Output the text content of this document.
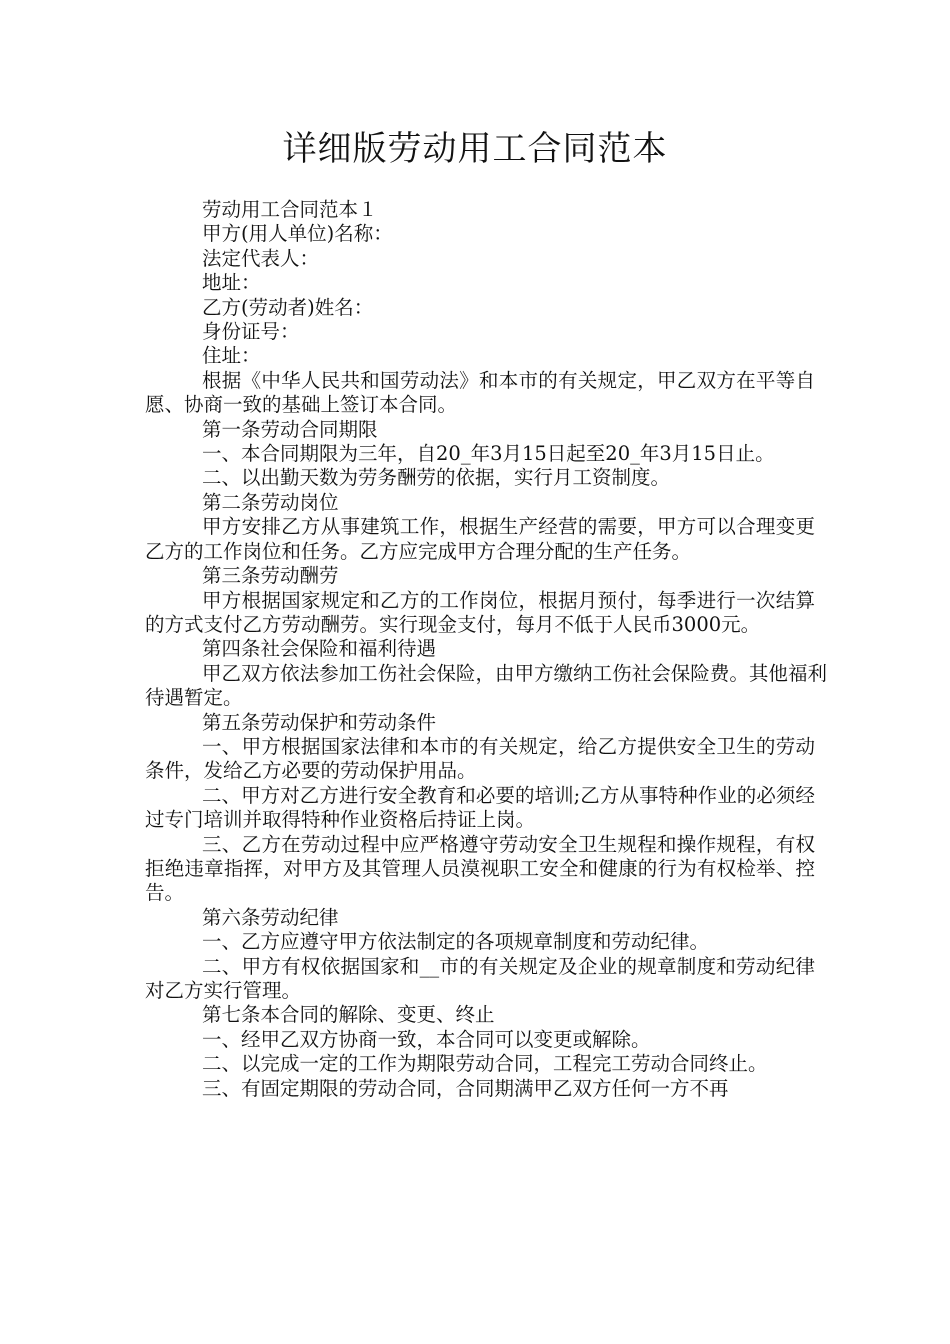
详细版劳动用工合同范本

劳动用工合同范本１

甲方(用人单位)名称：

法定代表人：

地址：

乙方(劳动者)姓名：

身份证号：

住址：

根据《中华人民共和国劳动法》和本市的有关规定，甲乙双方在平等自愿、协商一致的基础上签订本合同。

第一条劳动合同期限

一、本合同期限为三年，自20_年3月15日起至20_年3月15日止。

二、以出勤天数为劳务酬劳的依据，实行月工资制度。

第二条劳动岗位

甲方安排乙方从事建筑工作，根据生产经营的需要，甲方可以合理变更乙方的工作岗位和任务。乙方应完成甲方合理分配的生产任务。

第三条劳动酬劳

甲方根据国家规定和乙方的工作岗位，根据月预付，每季进行一次结算的方式支付乙方劳动酬劳。实行现金支付，每月不低于人民币3000元。

第四条社会保险和福利待遇

甲乙双方依法参加工伤社会保险，由甲方缴纳工伤社会保险费。其他福利待遇暂定。

第五条劳动保护和劳动条件

一、甲方根据国家法律和本市的有关规定，给乙方提供安全卫生的劳动条件，发给乙方必要的劳动保护用品。

二、甲方对乙方进行安全教育和必要的培训;乙方从事特种作业的必须经过专门培训并取得特种作业资格后持证上岗。

三、乙方在劳动过程中应严格遵守劳动安全卫生规程和操作规程，有权拒绝违章指挥，对甲方及其管理人员漠视职工安全和健康的行为有权检举、控告。

第六条劳动纪律

一、乙方应遵守甲方依法制定的各项规章制度和劳动纪律。

二、甲方有权依据国家和__市的有关规定及企业的规章制度和劳动纪律对乙方实行管理。

第七条本合同的解除、变更、终止

一、经甲乙双方协商一致，本合同可以变更或解除。

二、以完成一定的工作为期限劳动合同，工程完工劳动合同终止。

三、有固定期限的劳动合同，合同期满甲乙双方任何一方不再
